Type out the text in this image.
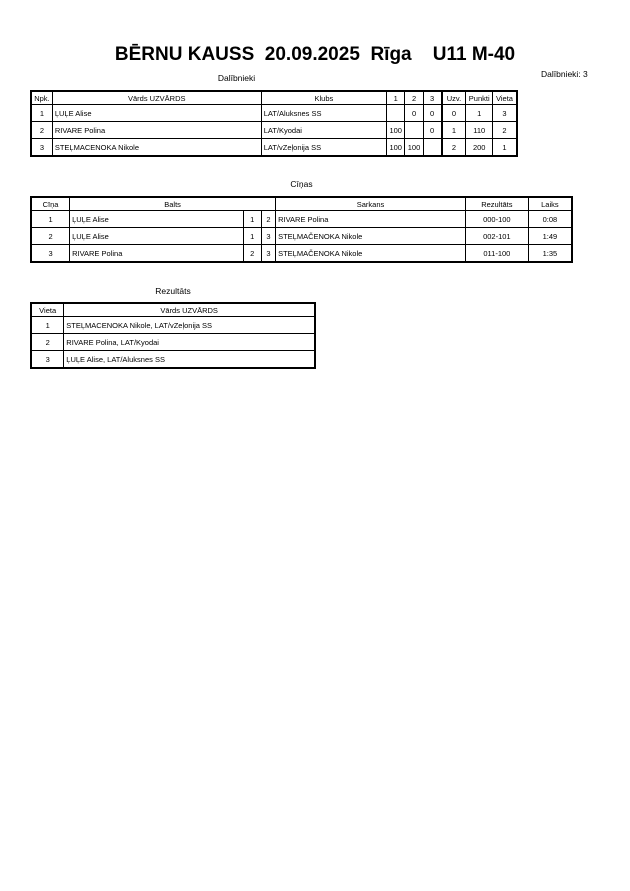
BĒRNU KAUSS  20.09.2025  Rīga    U11 M-40
Dalībnieki: 3
Dalībnieki
Npk.	Vārds UZVĀRDS	Klubs	1	2	3	Uzv.	Punkti	Vieta
1	ĻUĻE Alise	LAT/Aluksnes SS		0	0	0	1	3
2	RIVARE Polina	LAT/Kyodai	100		0	1	110	2
3	STEĻMACENOKA Nikole	LAT/vZeļonija SS	100	100		2	200	1
Cīņas
Cīņa	Balts			Sarkans	Rezultāts	Laiks
1	ĻUĻE Alise	1	2	RIVARE Polina	000-100	0:08
2	ĻUĻE Alise	1	3	STEĻMAČENOKA Nikole	002-101	1:49
3	RIVARE Polina	2	3	STEĻMAČENOKA Nikole	011-100	1:35
Rezultāts
Vieta	Vārds UZVĀRDS
1	STEĻMACENOKA Nikole, LAT/vZeļonija SS
2	RIVARE Polina, LAT/Kyodai
3	ĻUĻE Alise, LAT/Aluksnes SS
